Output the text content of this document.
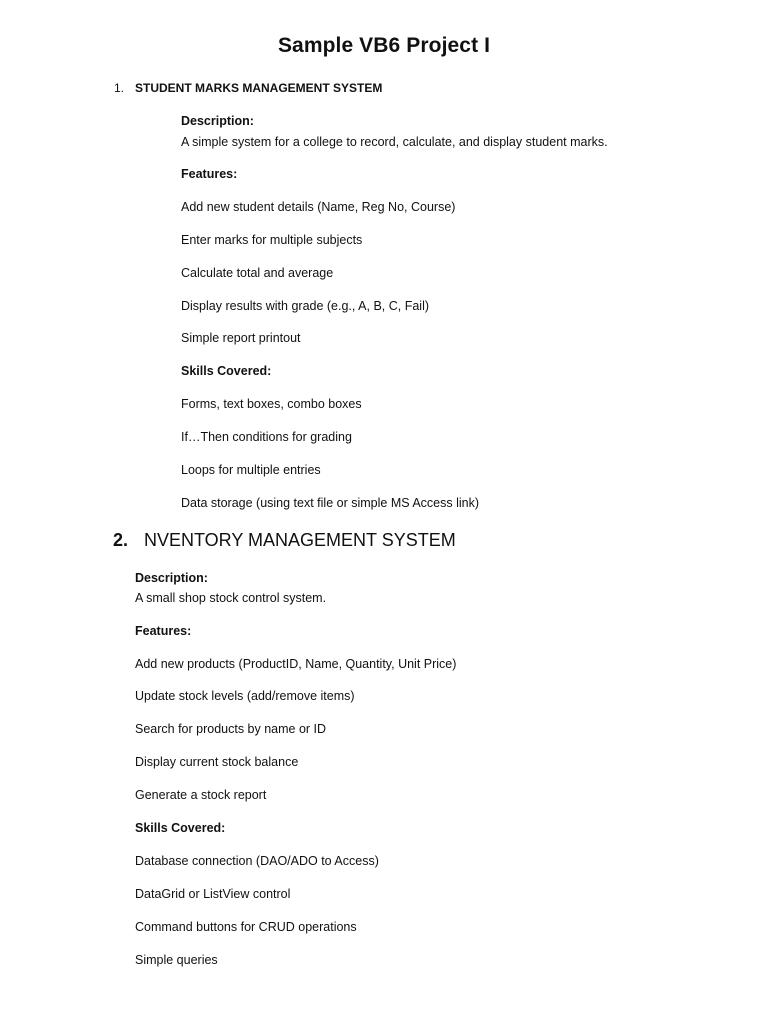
Sample VB6 Project I
1. STUDENT MARKS MANAGEMENT SYSTEM
Description:
A simple system for a college to record, calculate, and display student marks.
Features:
Add new student details (Name, Reg No, Course)
Enter marks for multiple subjects
Calculate total and average
Display results with grade (e.g., A, B, C, Fail)
Simple report printout
Skills Covered:
Forms, text boxes, combo boxes
If…Then conditions for grading
Loops for multiple entries
Data storage (using text file or simple MS Access link)
2. NVENTORY MANAGEMENT SYSTEM
Description:
A small shop stock control system.
Features:
Add new products (ProductID, Name, Quantity, Unit Price)
Update stock levels (add/remove items)
Search for products by name or ID
Display current stock balance
Generate a stock report
Skills Covered:
Database connection (DAO/ADO to Access)
DataGrid or ListView control
Command buttons for CRUD operations
Simple queries
